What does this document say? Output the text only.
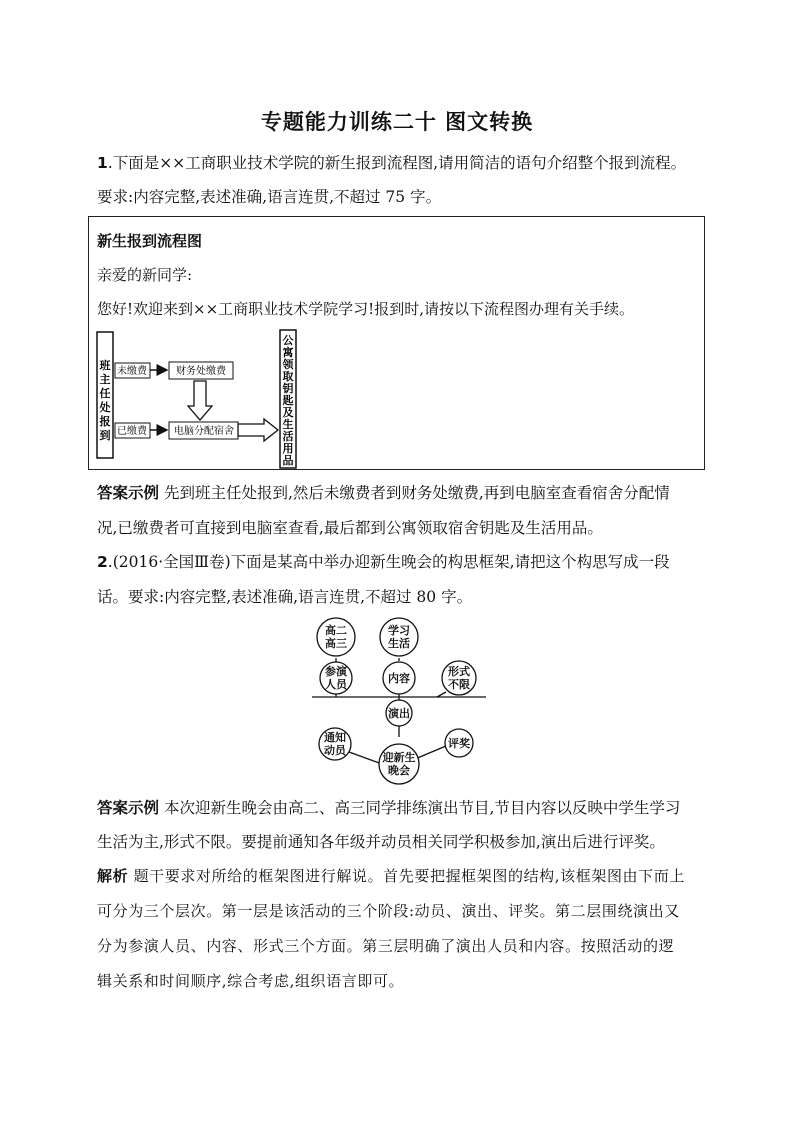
专题能力训练二十 图文转换
1.下面是××工商职业技术学院的新生报到流程图,请用简洁的语句介绍整个报到流程。
要求:内容完整,表述准确,语言连贯,不超过 75 字。
新生报到流程图
亲爱的新同学:
您好!欢迎来到××工商职业技术学院学习!报到时,请按以下流程图办理有关手续。
班
主
任
处
报
到
未缴费	财务处缴费
已缴费	电脑分配宿舍
公
寓
领
取
钥
匙
及
生
活
用
品
答案示例 先到班主任处报到,然后未缴费者到财务处缴费,再到电脑室查看宿舍分配情
况,已缴费者可直接到电脑室查看,最后都到公寓领取宿舍钥匙及生活用品。
2.(2016·全国Ⅲ卷)下面是某高中举办迎新生晚会的构思框架,请把这个构思写成一段
话。要求:内容完整,表述准确,语言连贯,不超过 80 字。
高二
高三
学习
生活
参演
人员	内容
形式
不限
演出
通知
动员
评奖
迎新生
晚会
答案示例 本次迎新生晚会由高二、高三同学排练演出节目,节目内容以反映中学生学习
生活为主,形式不限。要提前通知各年级并动员相关同学积极参加,演出后进行评奖。
解析 题干要求对所给的框架图进行解说。首先要把握框架图的结构,该框架图由下而上
可分为三个层次。第一层是该活动的三个阶段:动员、演出、评奖。第二层围绕演出又
分为参演人员、内容、形式三个方面。第三层明确了演出人员和内容。按照活动的逻
辑关系和时间顺序,综合考虑,组织语言即可。
